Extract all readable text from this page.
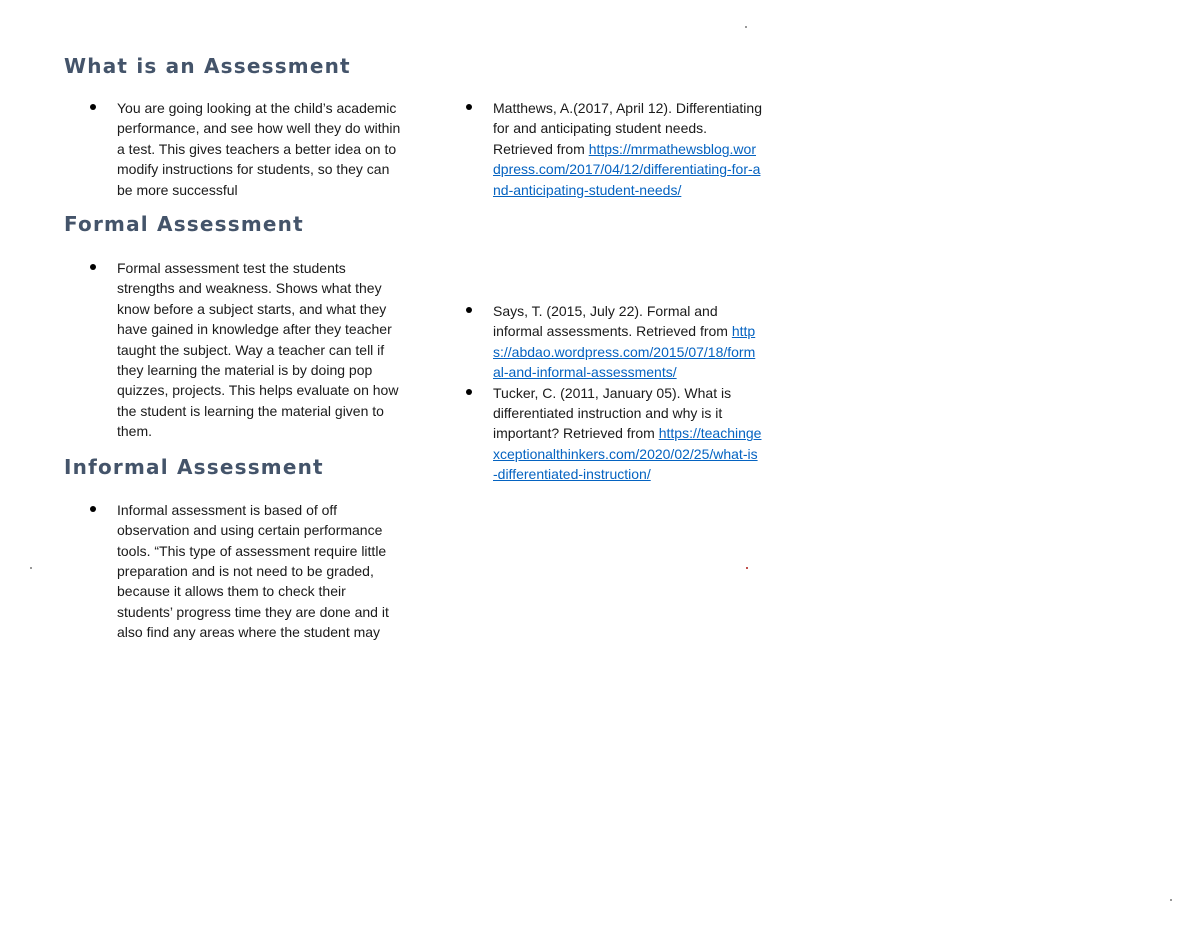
What is an Assessment
You are going looking at the child’s academic performance, and see how well they do within a test. This gives teachers a better idea on to modify instructions for students, so they can be more successful
Formal Assessment
Formal assessment test the students strengths and weakness. Shows what they know before a subject starts, and what they have gained in knowledge after they teacher taught the subject. Way a teacher can tell if they learning the material is by doing pop quizzes, projects. This helps evaluate on how the student is learning the material given to them.
Informal Assessment
Informal assessment is based of off observation and using certain performance tools. “This type of assessment require little preparation and is not need to be graded, because it allows them to check their students’ progress time they are done and it also find any areas where the student may
Matthews, A.(2017, April 12). Differentiating for and anticipating student needs. Retrieved from https://mrmathewsblog.wordpress.com/2017/04/12/differentiating-for-and-anticipating-student-needs/
Says, T. (2015, July 22). Formal and informal assessments. Retrieved from https://abdao.wordpress.com/2015/07/18/formal-and-informal-assessments/
Tucker, C. (2011, January 05). What is differentiated instruction and why is it important? Retrieved from https://teachingexceptionalthinkers.com/2020/02/25/what-is-differentiated-instruction/
